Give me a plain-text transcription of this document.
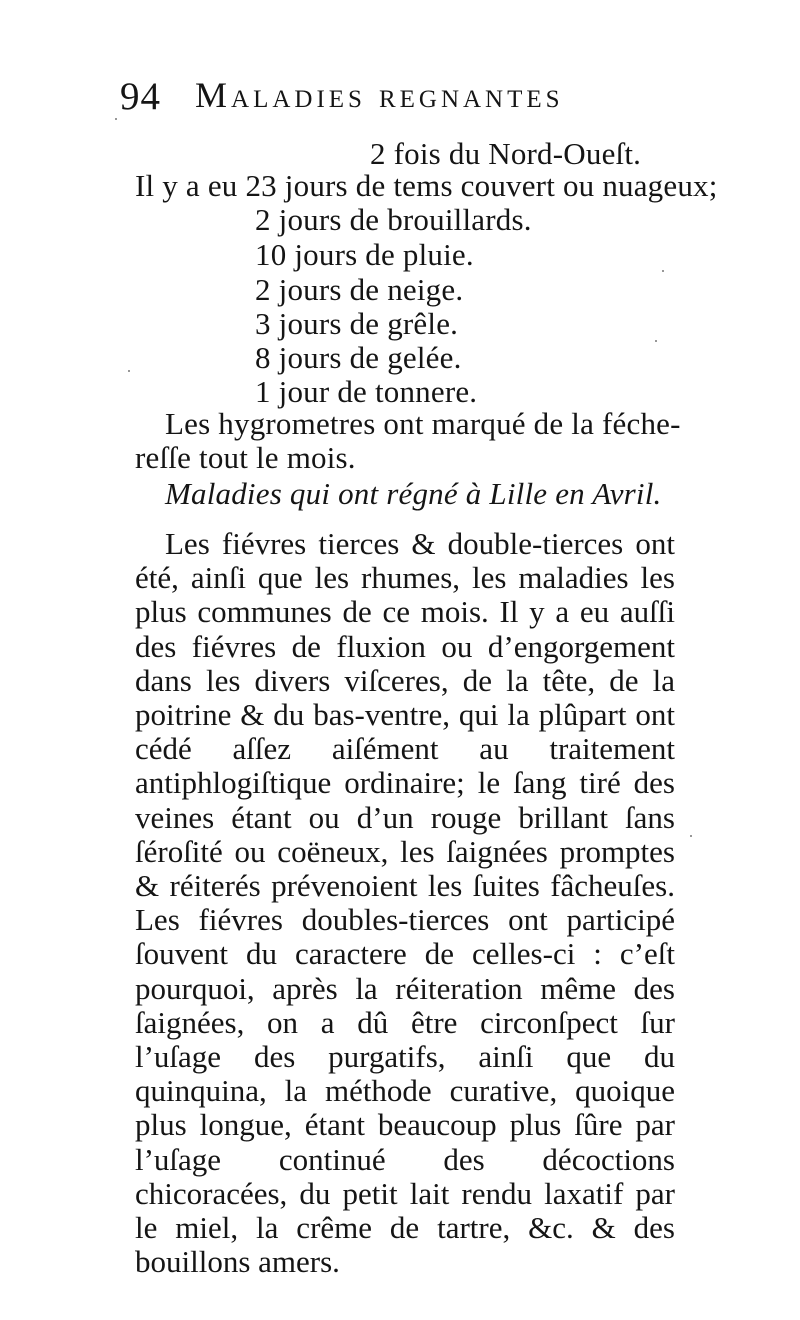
94 Maladies regnantes
2 fois du Nord-Oueſt.
Il y a eu 23 jours de tems couvert ou nuageux;
2 jours de brouillards.
10 jours de pluie.
2 jours de neige.
3 jours de grêle.
8 jours de gelée.
1 jour de tonnere.
Les hygrometres ont marqué de la féche-
reſſe tout le mois.
Maladies qui ont régné à Lille en Avril.

Les fiévres tierces & double-tierces ont été, ainſi que les rhumes, les maladies les plus communes de ce mois. Il y a eu auſſi des fiévres de fluxion ou d’engorgement dans les divers viſceres, de la tête, de la poitrine & du bas-ventre, qui la plûpart ont cédé aſſez aiſément au traitement antiphlogiſtique ordinaire; le ſang tiré des veines étant ou d’un rouge brillant ſans ſéroſité ou coëneux, les ſaignées promptes & réiterés prévenoient les ſuites fâcheuſes. Les fiévres doubles-tierces ont participé ſouvent du caractere de celles-ci : c’eſt pourquoi, après la réiteration même des ſaignées, on a dû être circonſpect ſur l’uſage des purgatifs, ainſi que du quinquina, la méthode curative, quoique plus longue, étant beaucoup plus ſûre par l’uſage continué des décoctions chicoracées, du petit lait rendu laxatif par le miel, la crême de tartre, &c. & des bouillons amers.
